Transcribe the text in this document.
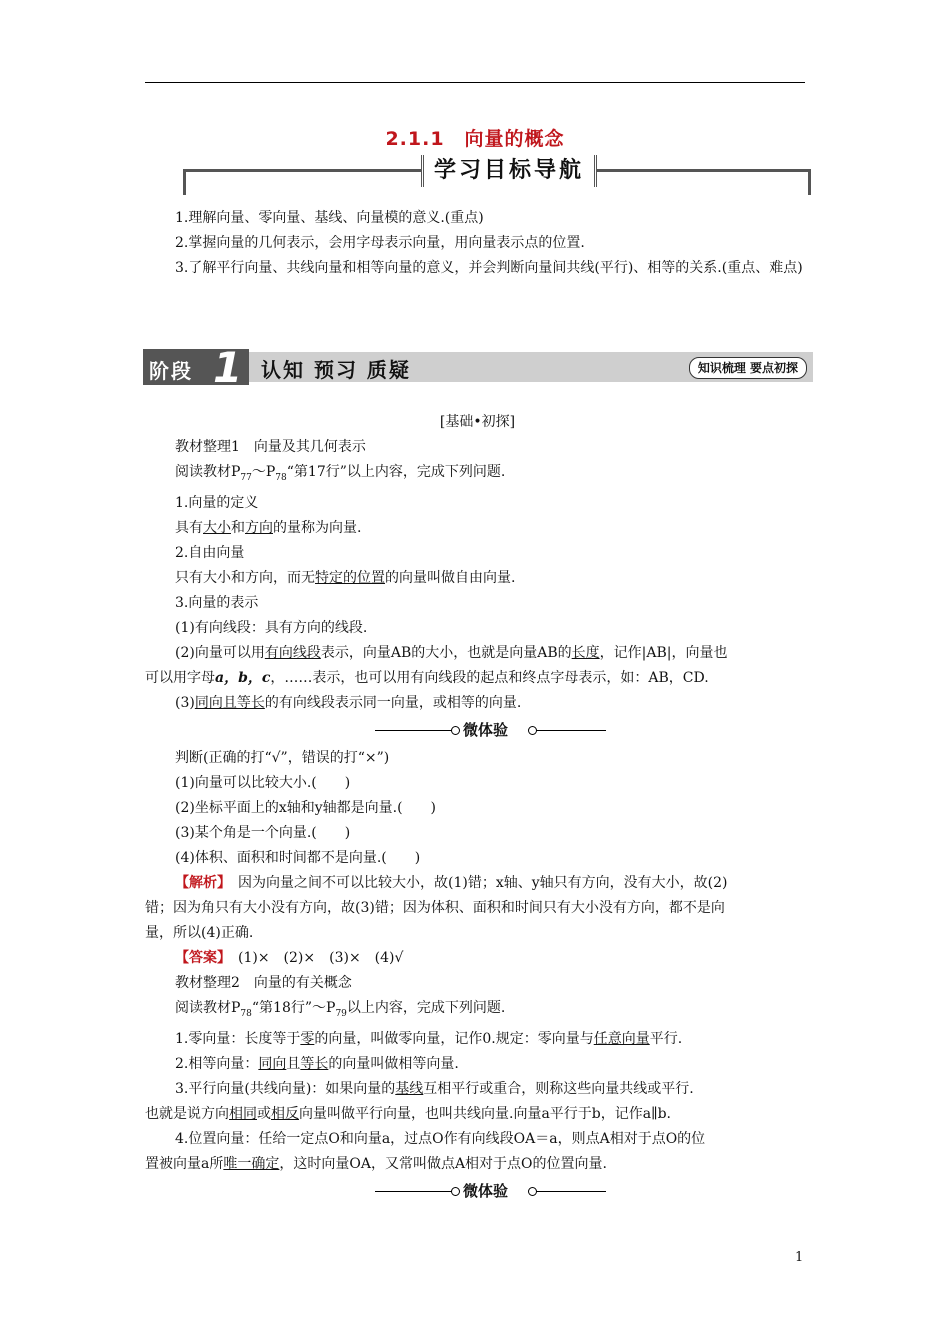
2.1.1　向量的概念
学习目标导航

1.理解向量、零向量、基线、向量模的意义.(重点)

2.掌握向量的几何表示，会用字母表示向量，用向量表示点的位置.

3.了解平行向量、共线向量和相等向量的意义，并会判断向量间共线(平行)、相等的关系.(重点、难点)

阶段 1 认知 预习 质疑	知识梳理 要点初探

[基础•初探]

教材整理1　向量及其几何表示

阅读教材$P_{77}\sim P_{78}“$第17行”以上内容，完成下列问题.

1.向量的定义

具有大小和方向的量称为向量.

2.自由向量

只有大小和方向，而无特定的位置的向量叫做自由向量.

3.向量的表示

(1)有向线段：具有方向的线段.

(2)向量可以用有向线段表示，向量AB的大小，也就是向量AB的长度，记作|AB|，向量也

可以用字母a，b，c，……表示，也可以用有向线段的起点和终点字母表示，如：AB，CD.

(3)同向且等长的有向线段表示同一向量，或相等的向量.

微体验

判断(正确的打“√”，错误的打“×”)

(1)向量可以比较大小.(　　)

(2)坐标平面上的x轴和y轴都是向量.(　　)

(3)某个角是一个向量.(　　)

(4)体积、面积和时间都不是向量.(　　)

【解析】　因为向量之间不可以比较大小，故(1)错；x轴、y轴只有方向，没有大小，故(2)

错；因为角只有大小没有方向，故(3)错；因为体积、面积和时间只有大小没有方向，都不是向

量，所以(4)正确.

【答案】　(1)×　(2)×　(3)×　(4)√

教材整理2　向量的有关概念

阅读教材$P_{78}“$第18行$”\sim P_{79}$以上内容，完成下列问题.

1.零向量：长度等于零的向量，叫做零向量，记作0.规定：零向量与任意向量平行.

2.相等向量：同向且等长的向量叫做相等向量.

3.平行向量(共线向量)：如果向量的基线互相平行或重合，则称这些向量共线或平行.

也就是说方向相同或相反向量叫做平行向量，也叫共线向量.向量a平行于b，记作a∥b.

4.位置向量：任给一定点O和向量a，过点O作有向线段OA＝a，则点A相对于点O的位

置被向量a所唯一确定，这时向量OA，又常叫做点A相对于点O的位置向量.

微体验
1
